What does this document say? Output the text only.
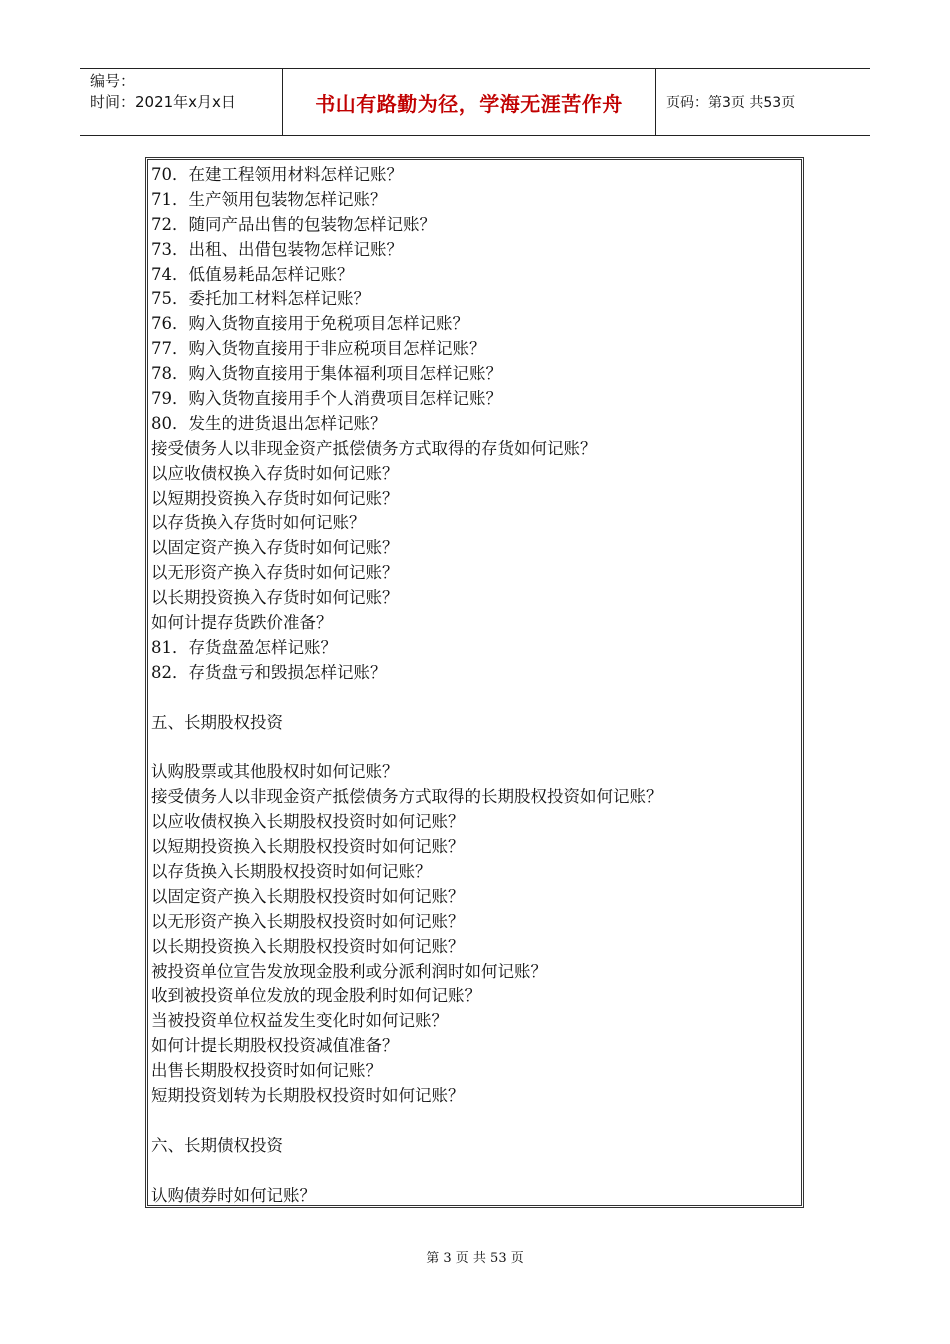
编号：
时间：2021年x月x日	书山有路勤为径，学海无涯苦作舟	页码：第3页 共53页
70．在建工程领用材料怎样记账？
71．生产领用包装物怎样记账？
72．随同产品出售的包装物怎样记账？
73．出租、出借包装物怎样记账？
74．低值易耗品怎样记账？
75．委托加工材料怎样记账？
76．购入货物直接用于免税项目怎样记账？
77．购入货物直接用于非应税项目怎样记账？
78．购入货物直接用于集体福利项目怎样记账？
79．购入货物直接用手个人消费项目怎样记账？
80．发生的进货退出怎样记账？
接受债务人以非现金资产抵偿债务方式取得的存货如何记账？
以应收债权换入存货时如何记账？
以短期投资换入存货时如何记账？
以存货换入存货时如何记账？
以固定资产换入存货时如何记账？
以无形资产换入存货时如何记账？
以长期投资换入存货时如何记账？
如何计提存货跌价准备？
81．存货盘盈怎样记账？
82．存货盘亏和毁损怎样记账？
五、长期股权投资
认购股票或其他股权时如何记账？
接受债务人以非现金资产抵偿债务方式取得的长期股权投资如何记账？
以应收债权换入长期股权投资时如何记账？
以短期投资换入长期股权投资时如何记账？
以存货换入长期股权投资时如何记账？
以固定资产换入长期股权投资时如何记账？
以无形资产换入长期股权投资时如何记账？
以长期投资换入长期股权投资时如何记账？
被投资单位宣告发放现金股利或分派利润时如何记账？
收到被投资单位发放的现金股利时如何记账？
当被投资单位权益发生变化时如何记账？
如何计提长期股权投资减值准备？
出售长期股权投资时如何记账？
短期投资划转为长期股权投资时如何记账？
六、长期债权投资
认购债券时如何记账？
第 3 页 共 53 页
